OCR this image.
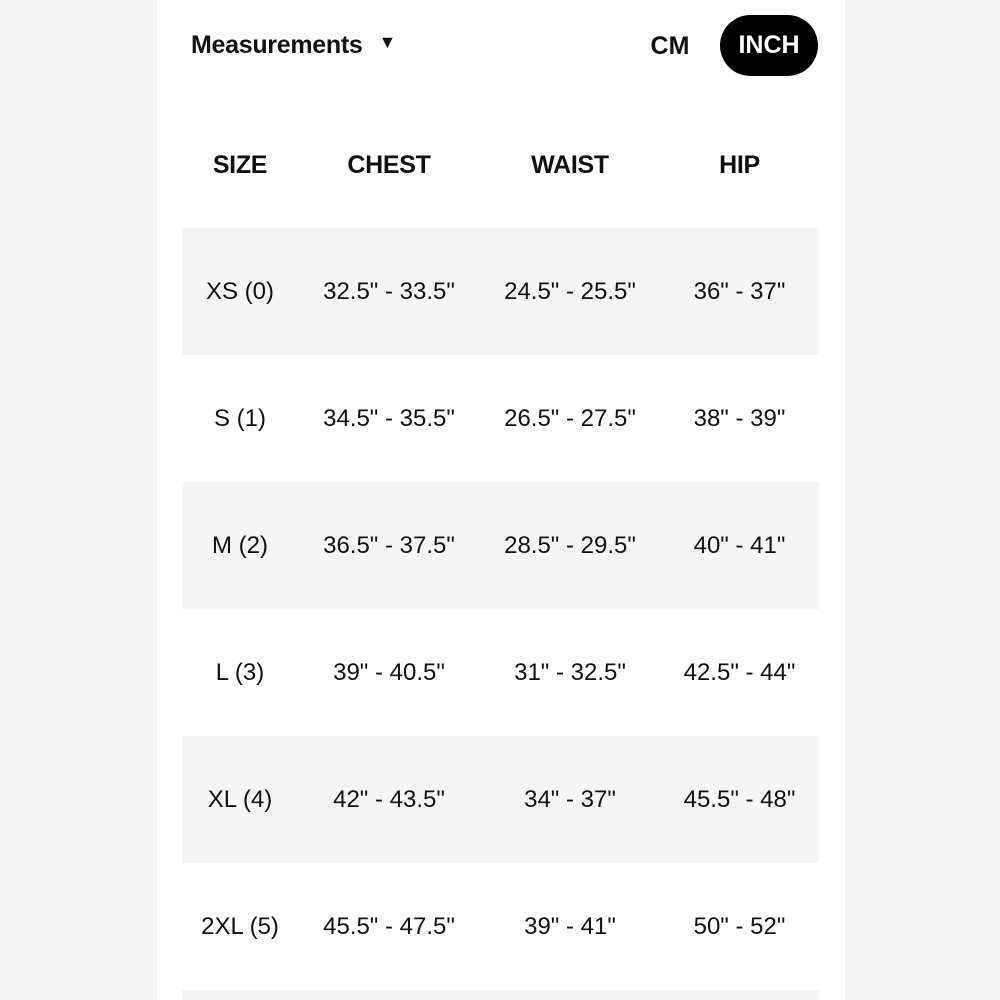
Measurements ▼	CM	INCH
SIZE	CHEST	WAIST	HIP
XS (0)	32.5" - 33.5"	24.5" - 25.5"	36" - 37"
S (1)	34.5" - 35.5"	26.5" - 27.5"	38" - 39"
M (2)	36.5" - 37.5"	28.5" - 29.5"	40" - 41"
L (3)	39" - 40.5"	31" - 32.5"	42.5" - 44"
XL (4)	42" - 43.5"	34" - 37"	45.5" - 48"
2XL (5)	45.5" - 47.5"	39" - 41"	50" - 52"
